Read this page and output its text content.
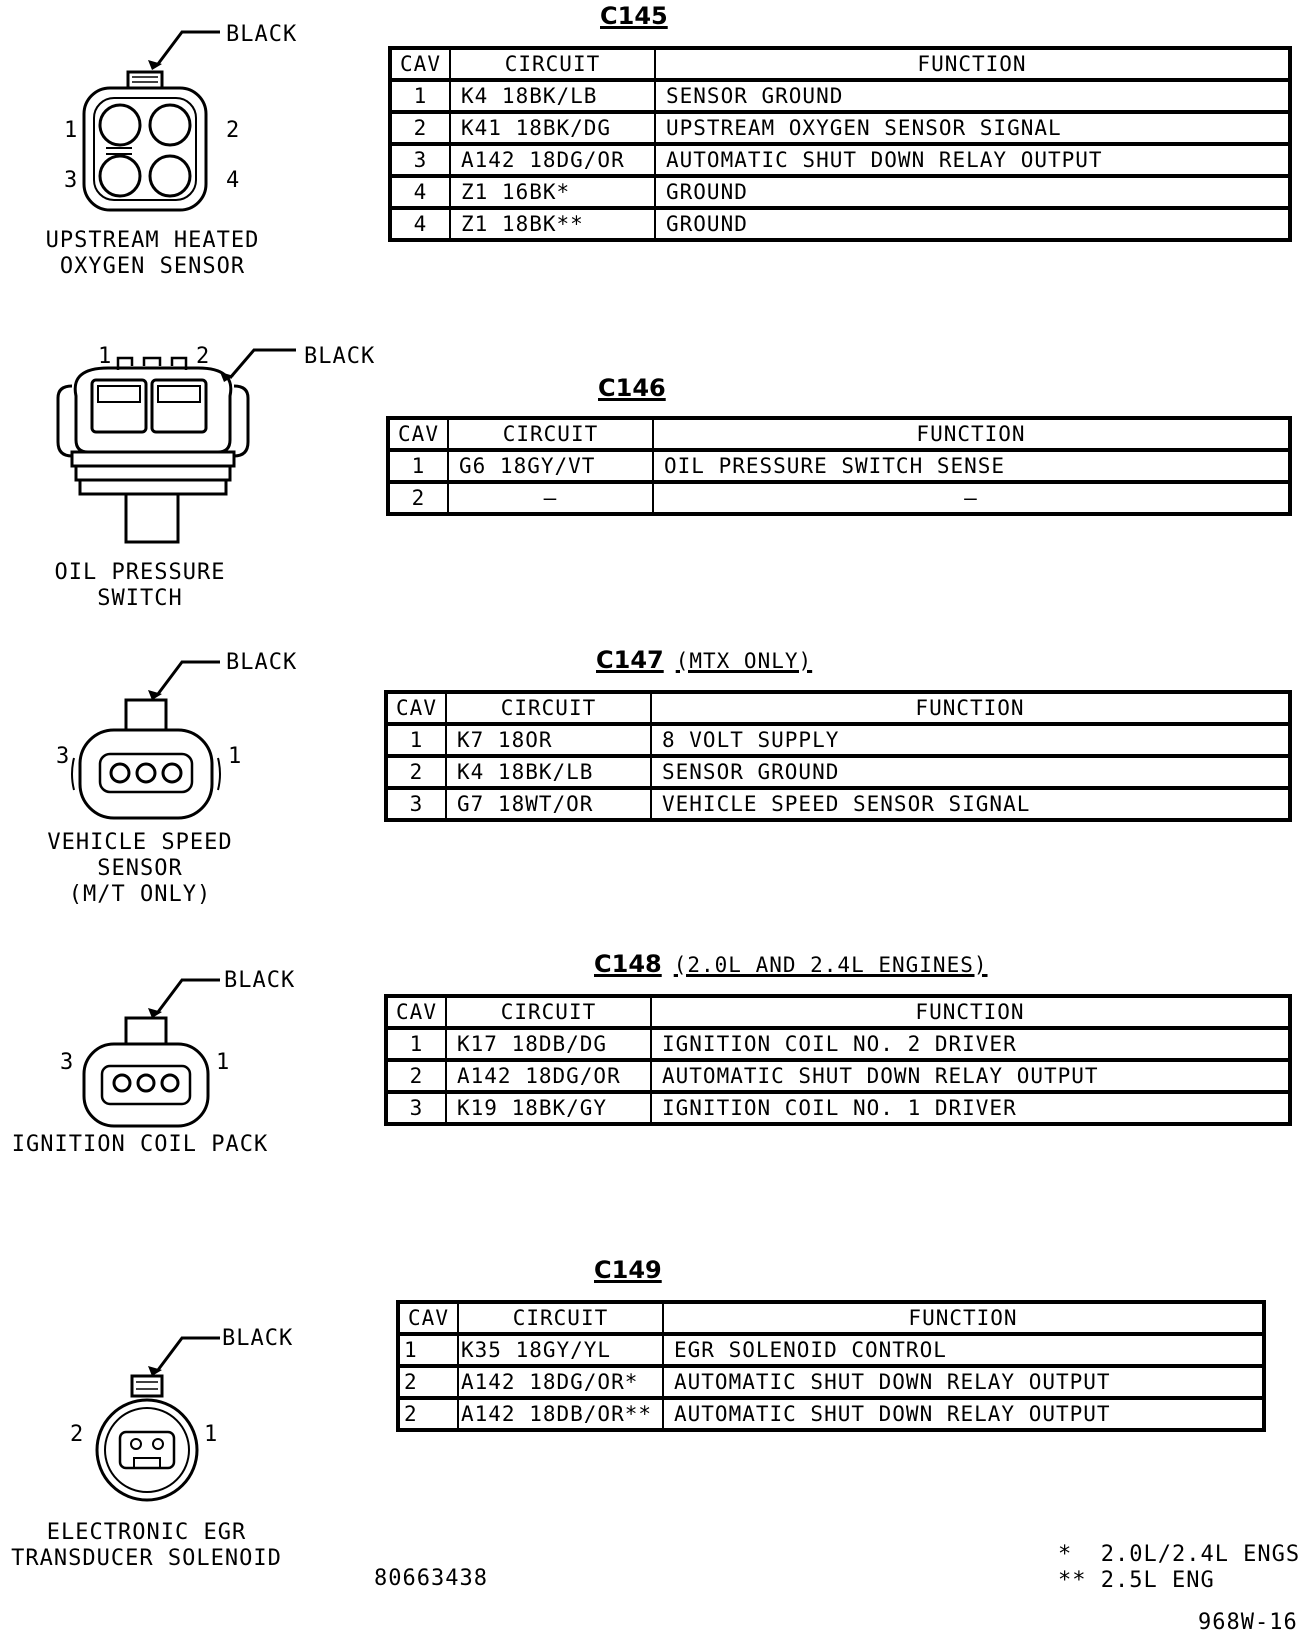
C145
CAV	CIRCUIT	FUNCTION
1	K4 18BK/LB	SENSOR GROUND
2	K41 18BK/DG	UPSTREAM OXYGEN SENSOR SIGNAL
3	A142 18DG/OR	AUTOMATIC SHUT DOWN RELAY OUTPUT
4	Z1 16BK*	GROUND
4	Z1 18BK**	GROUND
BLACK
1	2
3	4
UPSTREAM HEATED
OXYGEN SENSOR
C146
CAV	CIRCUIT	FUNCTION
1	G6 18GY/VT	OIL PRESSURE SWITCH SENSE
2	–	–
BLACK
1	2
OIL PRESSURE SWITCH
C147 (MTX ONLY)
CAV	CIRCUIT	FUNCTION
1	K7 18OR	8 VOLT SUPPLY
2	K4 18BK/LB	SENSOR GROUND
3	G7 18WT/OR	VEHICLE SPEED SENSOR SIGNAL
BLACK
3	1
VEHICLE SPEED SENSOR
(M/T ONLY)
C148 (2.0L AND 2.4L ENGINES)
CAV	CIRCUIT	FUNCTION
1	K17 18DB/DG	IGNITION COIL NO. 2 DRIVER
2	A142 18DG/OR	AUTOMATIC SHUT DOWN RELAY OUTPUT
3	K19 18BK/GY	IGNITION COIL NO. 1 DRIVER
BLACK
3	1
IGNITION COIL PACK
C149
CAV	CIRCUIT	FUNCTION
1	K35 18GY/YL	EGR SOLENOID CONTROL
2	A142 18DG/OR*	AUTOMATIC SHUT DOWN RELAY OUTPUT
2	A142 18DB/OR**	AUTOMATIC SHUT DOWN RELAY OUTPUT
BLACK
2	1
ELECTRONIC EGR
TRANSDUCER SOLENOID
80663438
*  2.0L/2.4L ENGS
** 2.5L ENG
968W-16
